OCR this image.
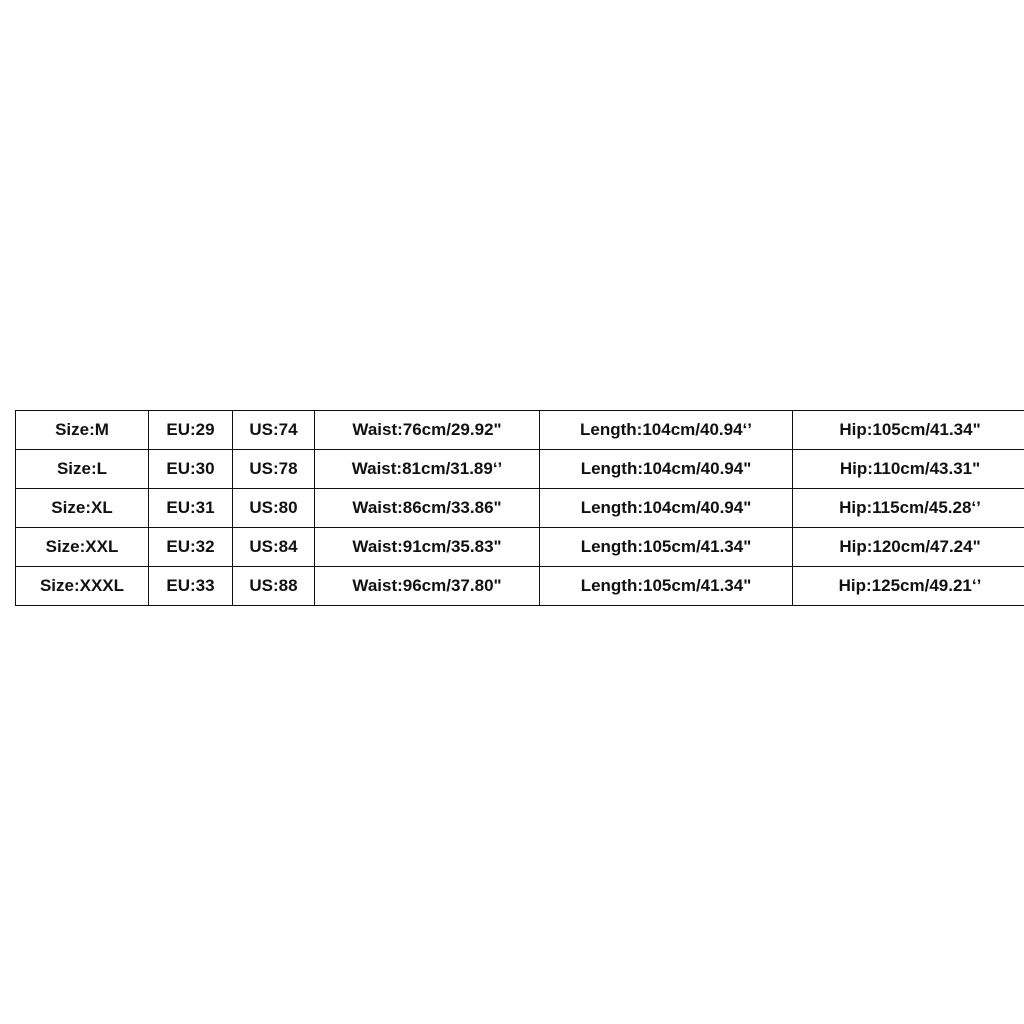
Size:M	EU:29	US:74	Waist:76cm/29.92"	Length:104cm/40.94‘’	Hip:105cm/41.34"
Size:L	EU:30	US:78	Waist:81cm/31.89‘’	Length:104cm/40.94"	Hip:110cm/43.31"
Size:XL	EU:31	US:80	Waist:86cm/33.86"	Length:104cm/40.94"	Hip:115cm/45.28‘’
Size:XXL	EU:32	US:84	Waist:91cm/35.83"	Length:105cm/41.34"	Hip:120cm/47.24"
Size:XXXL	EU:33	US:88	Waist:96cm/37.80"	Length:105cm/41.34"	Hip:125cm/49.21‘’
